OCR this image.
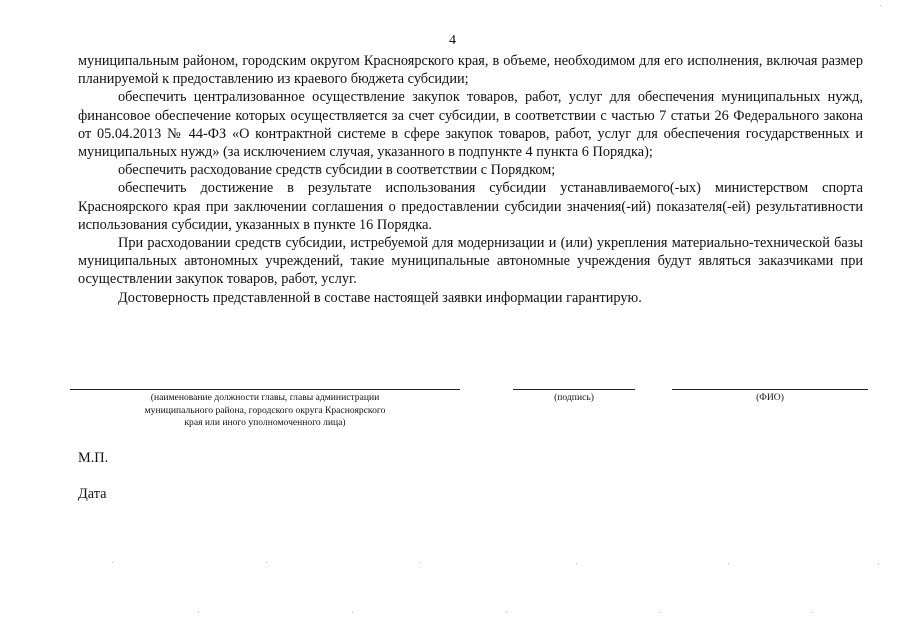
4

муниципальным районом, городским округом Красноярского края, в объеме, необходимом для его исполнения, включая размер планируемой к предоставлению из краевого бюджета субсидии;

обеспечить централизованное осуществление закупок товаров, работ, услуг для обеспечения муниципальных нужд, финансовое обеспечение которых осуществляется за счет субсидии, в соответствии с частью 7 статьи 26 Федерального закона от 05.04.2013 № 44-ФЗ «О контрактной системе в сфере закупок товаров, работ, услуг для обеспечения государственных и муниципальных нужд» (за исключением случая, указанного в подпункте 4 пункта 6 Порядка);

обеспечить расходование средств субсидии в соответствии с Порядком;

обеспечить достижение в результате использования субсидии устанавливаемого(-ых) министерством спорта Красноярского края при заключении соглашения о предоставлении субсидии значения(-ий) показателя(-ей) результативности использования субсидии, указанных в пункте 16 Порядка.

При расходовании средств субсидии, истребуемой для модернизации и (или) укрепления материально-технической базы муниципальных автономных учреждений, такие муниципальные автономные учреждения будут являться заказчиками при осуществлении закупок товаров, работ, услуг.

Достоверность представленной в составе настоящей заявки информации гарантирую.

(наименование должности главы, главы администрации
муниципального района, городского округа Красноярского
края или иного уполномоченного лица)
(подпись)	(ФИО)
М.П.
Дата
